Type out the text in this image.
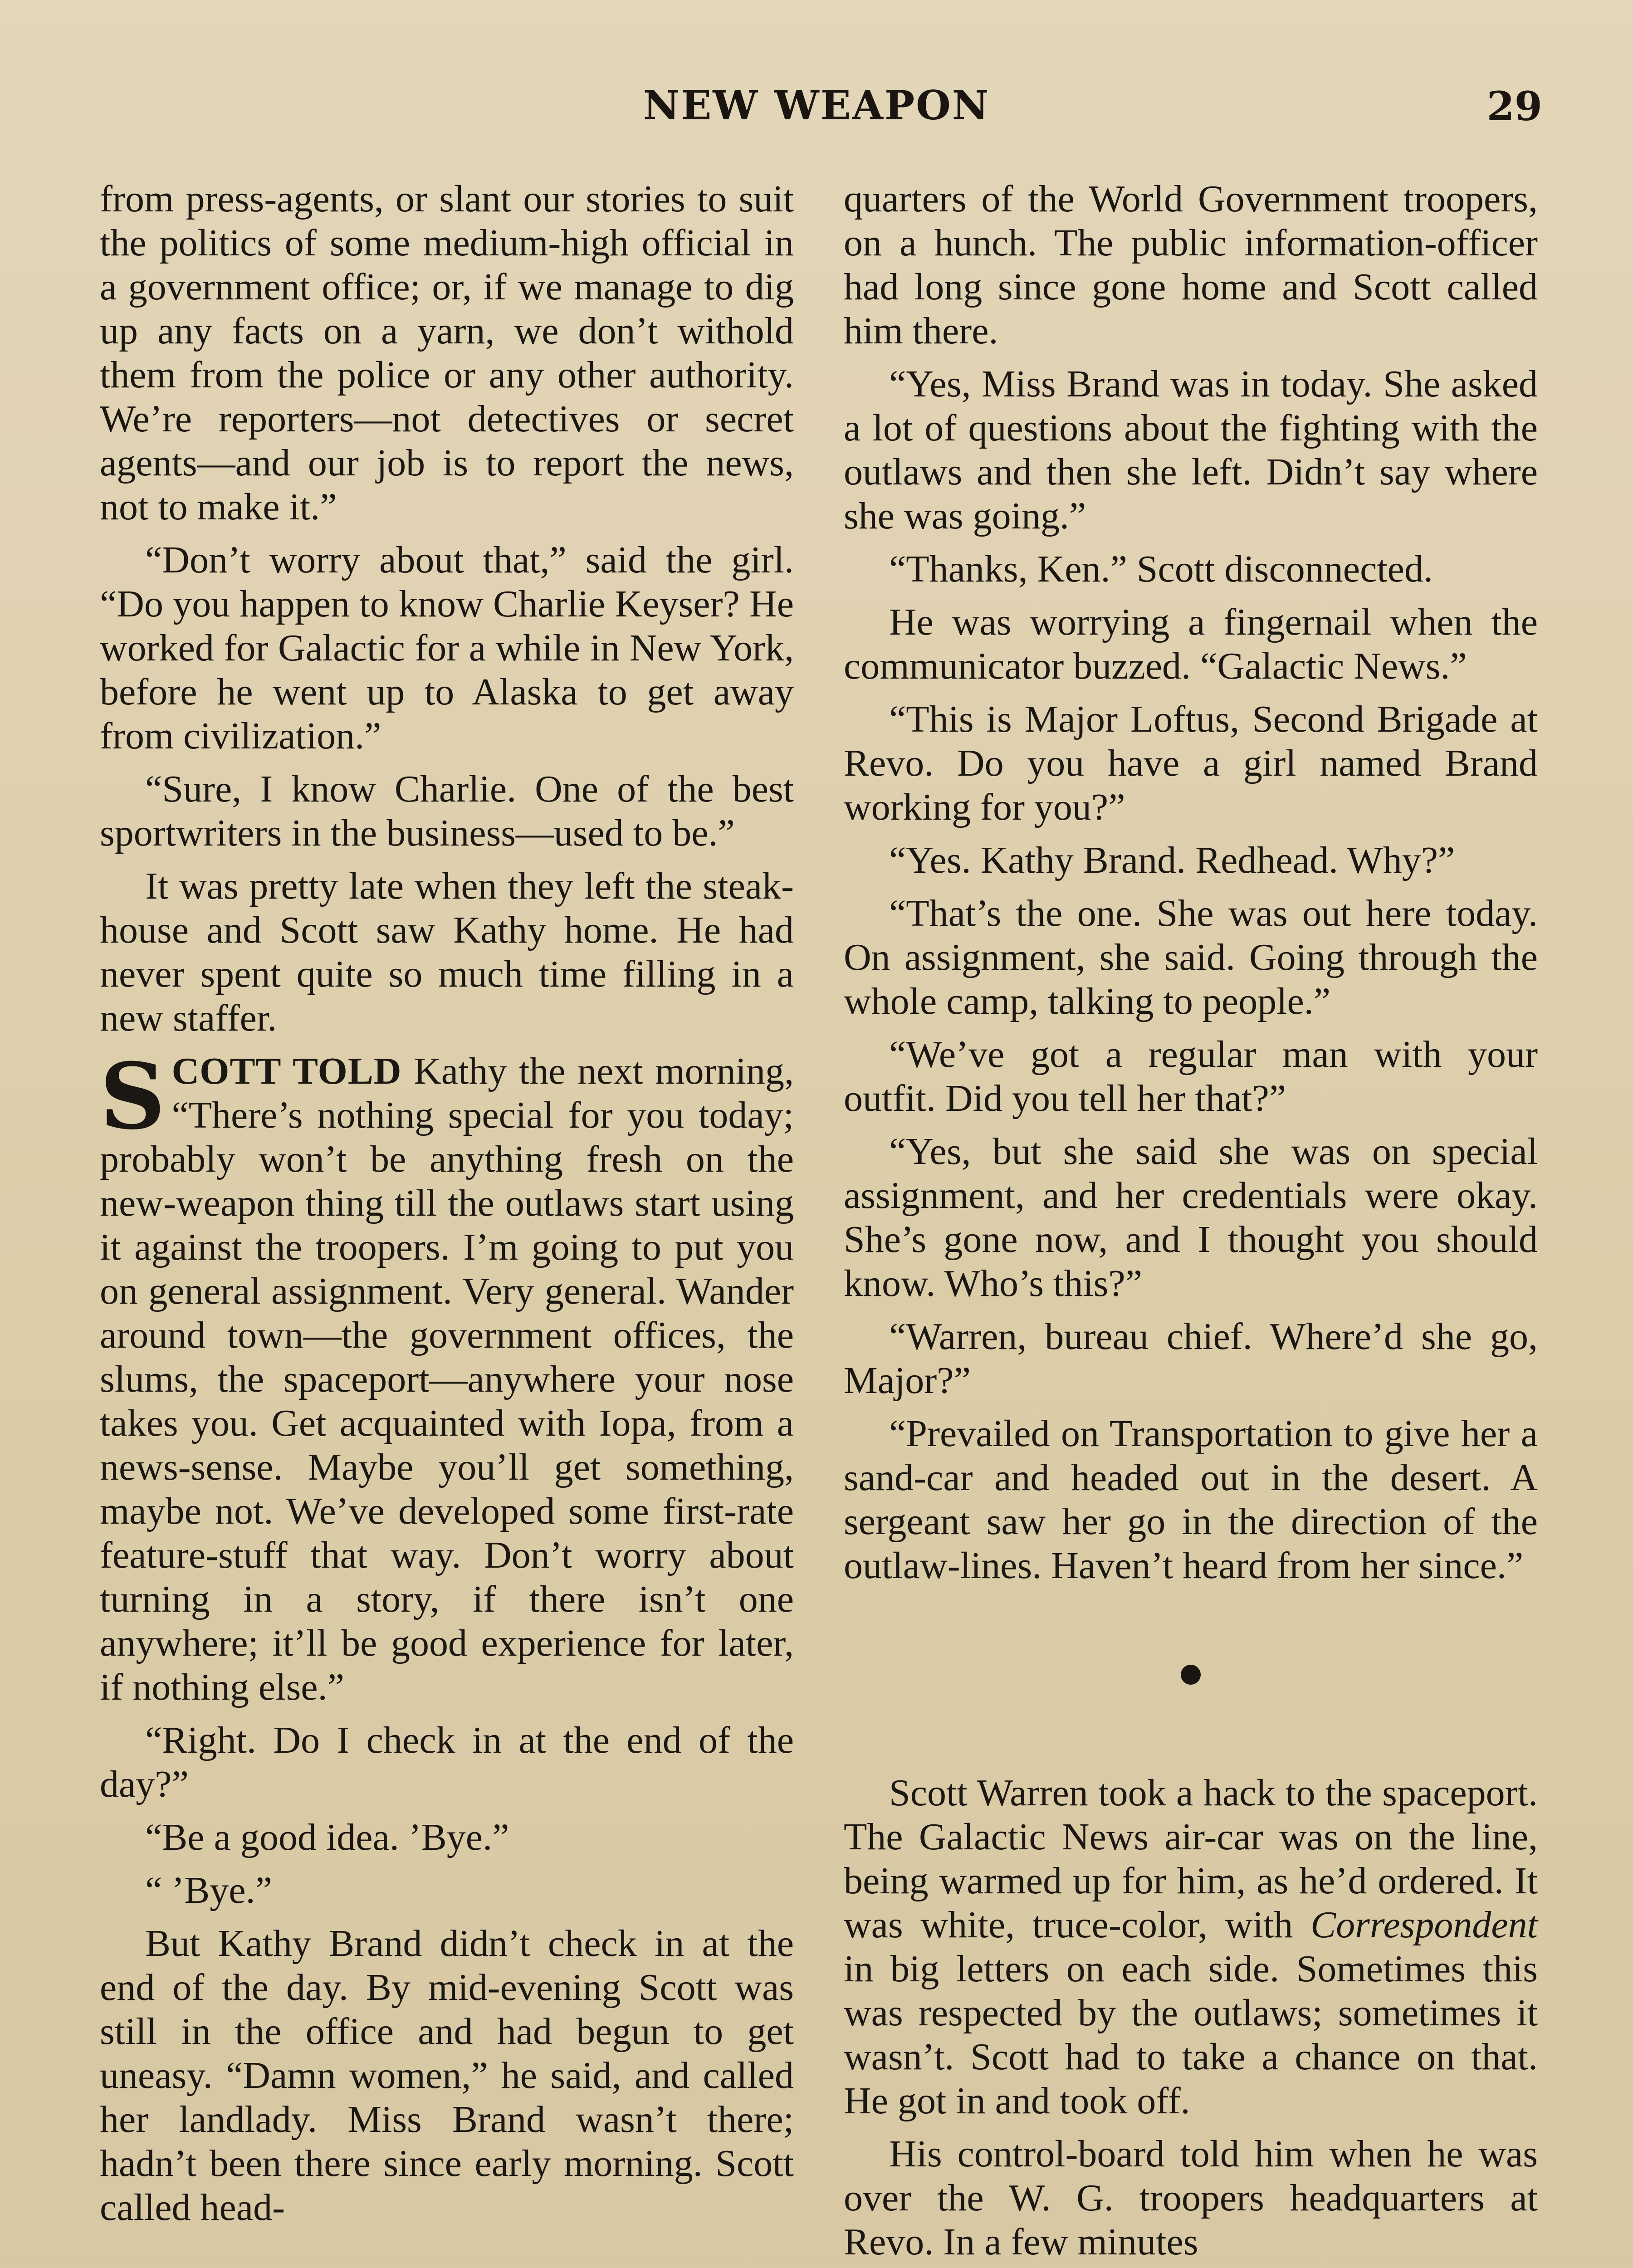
NEW WEAPON	29

from press-agents, or slant our stories to suit the politics of some medium-high official in a government office; or, if we manage to dig up any facts on a yarn, we don’t withold them from the police or any other authority. We’re reporters—not detectives or secret agents—and our job is to report the news, not to make it.”

“Don’t worry about that,” said the girl. “Do you happen to know Charlie Keyser? He worked for Galactic for a while in New York, before he went up to Alaska to get away from civilization.”

“Sure, I know Charlie. One of the best sportwriters in the business—used to be.”

It was pretty late when they left the steak-house and Scott saw Kathy home. He had never spent quite so much time filling in a new staffer.

SCOTT TOLD Kathy the next morning, “There’s nothing special for you today; probably won’t be anything fresh on the new-weapon thing till the outlaws start using it against the troopers. I’m going to put you on general assignment. Very general. Wander around town—the government offices, the slums, the spaceport—anywhere your nose takes you. Get acquainted with Iopa, from a news-sense. Maybe you’ll get something, maybe not. We’ve developed some first-rate feature-stuff that way. Don’t worry about turning in a story, if there isn’t one anywhere; it’ll be good experience for later, if nothing else.”

“Right. Do I check in at the end of the day?”

“Be a good idea. ’Bye.”

“ ’Bye.”

But Kathy Brand didn’t check in at the end of the day. By mid-evening Scott was still in the office and had begun to get uneasy. “Damn women,” he said, and called her landlady. Miss Brand wasn’t there; hadn’t been there since early morning. Scott called head-

quarters of the World Government troopers, on a hunch. The public information-officer had long since gone home and Scott called him there.

“Yes, Miss Brand was in today. She asked a lot of questions about the fighting with the outlaws and then she left. Didn’t say where she was going.”

“Thanks, Ken.” Scott disconnected.

He was worrying a fingernail when the communicator buzzed. “Galactic News.”

“This is Major Loftus, Second Brigade at Revo. Do you have a girl named Brand working for you?”

“Yes. Kathy Brand. Redhead. Why?”

“That’s the one. She was out here today. On assignment, she said. Going through the whole camp, talking to people.”

“We’ve got a regular man with your outfit. Did you tell her that?”

“Yes, but she said she was on special assignment, and her credentials were okay. She’s gone now, and I thought you should know. Who’s this?”

“Warren, bureau chief. Where’d she go, Major?”

“Prevailed on Transportation to give her a sand-car and headed out in the desert. A sergeant saw her go in the direction of the outlaw-lines. Haven’t heard from her since.”

Scott Warren took a hack to the spaceport. The Galactic News air-car was on the line, being warmed up for him, as he’d ordered. It was white, truce-color, with Correspondent in big letters on each side. Sometimes this was respected by the outlaws; sometimes it wasn’t. Scott had to take a chance on that. He got in and took off.

His control-board told him when he was over the W. G. troopers headquarters at Revo. In a few minutes
